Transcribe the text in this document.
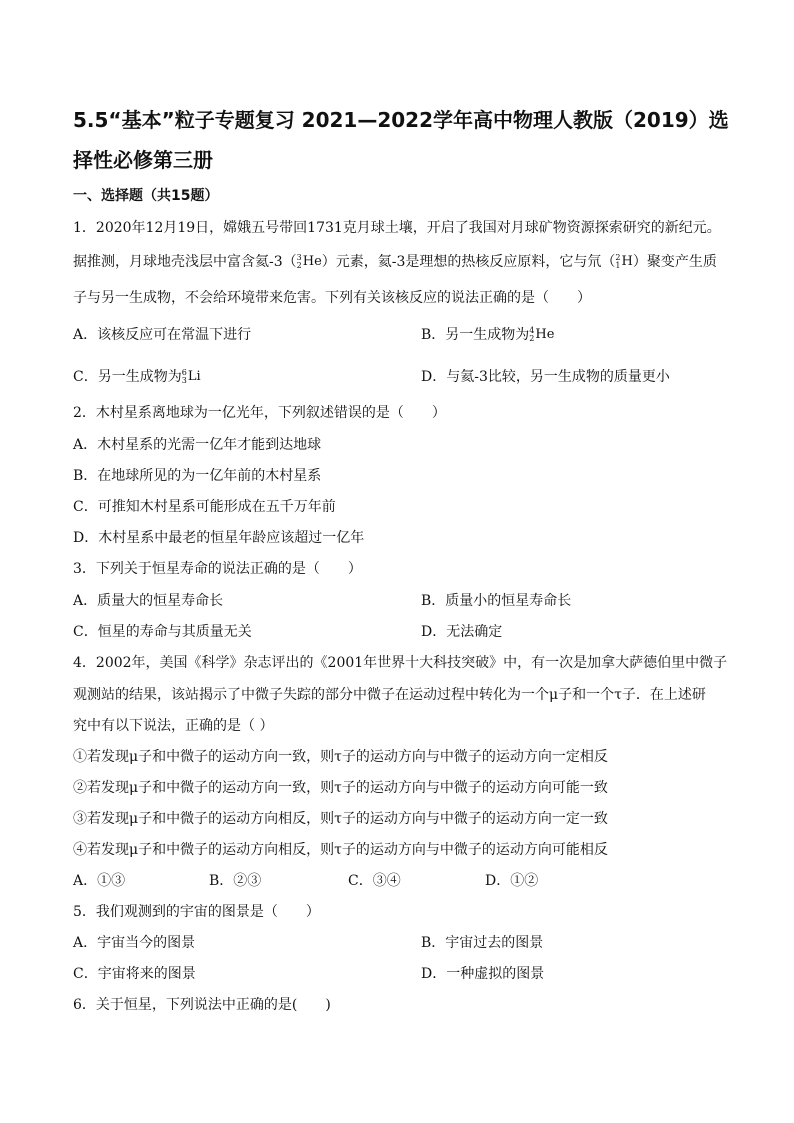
5.5“基本”粒子专题复习 2021—2022学年高中物理人教版（2019）选择性必修第三册
一、选择题（共15题）
1．2020年12月19日，嫦娥五号带回1731克月球土壤，开启了我国对月球矿物资源探索研究的新纪元。
据推测，月球地壳浅层中富含氦-3（ 3
2 He ）元素，氦-3是理想的热核反应原料，它与氘（ 2
1 H ）聚变产生质
子与另一生成物，不会给环境带来危害。下列有关该核反应的说法正确的是（　　）
A．该核反应可在常温下进行	B．另一生成物为 4
2 He
C．另一生成物为 6
3 Li	D．与氦-3比较，另一生成物的质量更小
2．木村星系离地球为一亿光年，下列叙述错误的是（　　）
A．木村星系的光需一亿年才能到达地球
B．在地球所见的为一亿年前的木村星系
C．可推知木村星系可能形成在五千万年前
D．木村星系中最老的恒星年龄应该超过一亿年
3．下列关于恒星寿命的说法正确的是（　　）
A．质量大的恒星寿命长	B．质量小的恒星寿命长
C．恒星的寿命与其质量无关	D．无法确定
4．2002年，美国《科学》杂志评出的《2001年世界十大科技突破》中，有一次是加拿大萨德伯里中微子
观测站的结果，该站揭示了中微子失踪的部分中微子在运动过程中转化为一个μ子和一个τ子．在上述研
究中有以下说法，正确的是（ ）
①若发现μ子和中微子的运动方向一致，则τ子的运动方向与中微子的运动方向一定相反
②若发现μ子和中微子的运动方向一致，则τ子的运动方向与中微子的运动方向可能一致
③若发现μ子和中微子的运动方向相反，则τ子的运动方向与中微子的运动方向一定一致
④若发现μ子和中微子的运动方向相反，则τ子的运动方向与中微子的运动方向可能相反
A．①③	B．②③	C．③④	D．①②
5．我们观测到的宇宙的图景是（　　）
A．宇宙当今的图景	B．宇宙过去的图景
C．宇宙将来的图景	D．一种虚拟的图景
6．关于恒星，下列说法中正确的是(　　)
